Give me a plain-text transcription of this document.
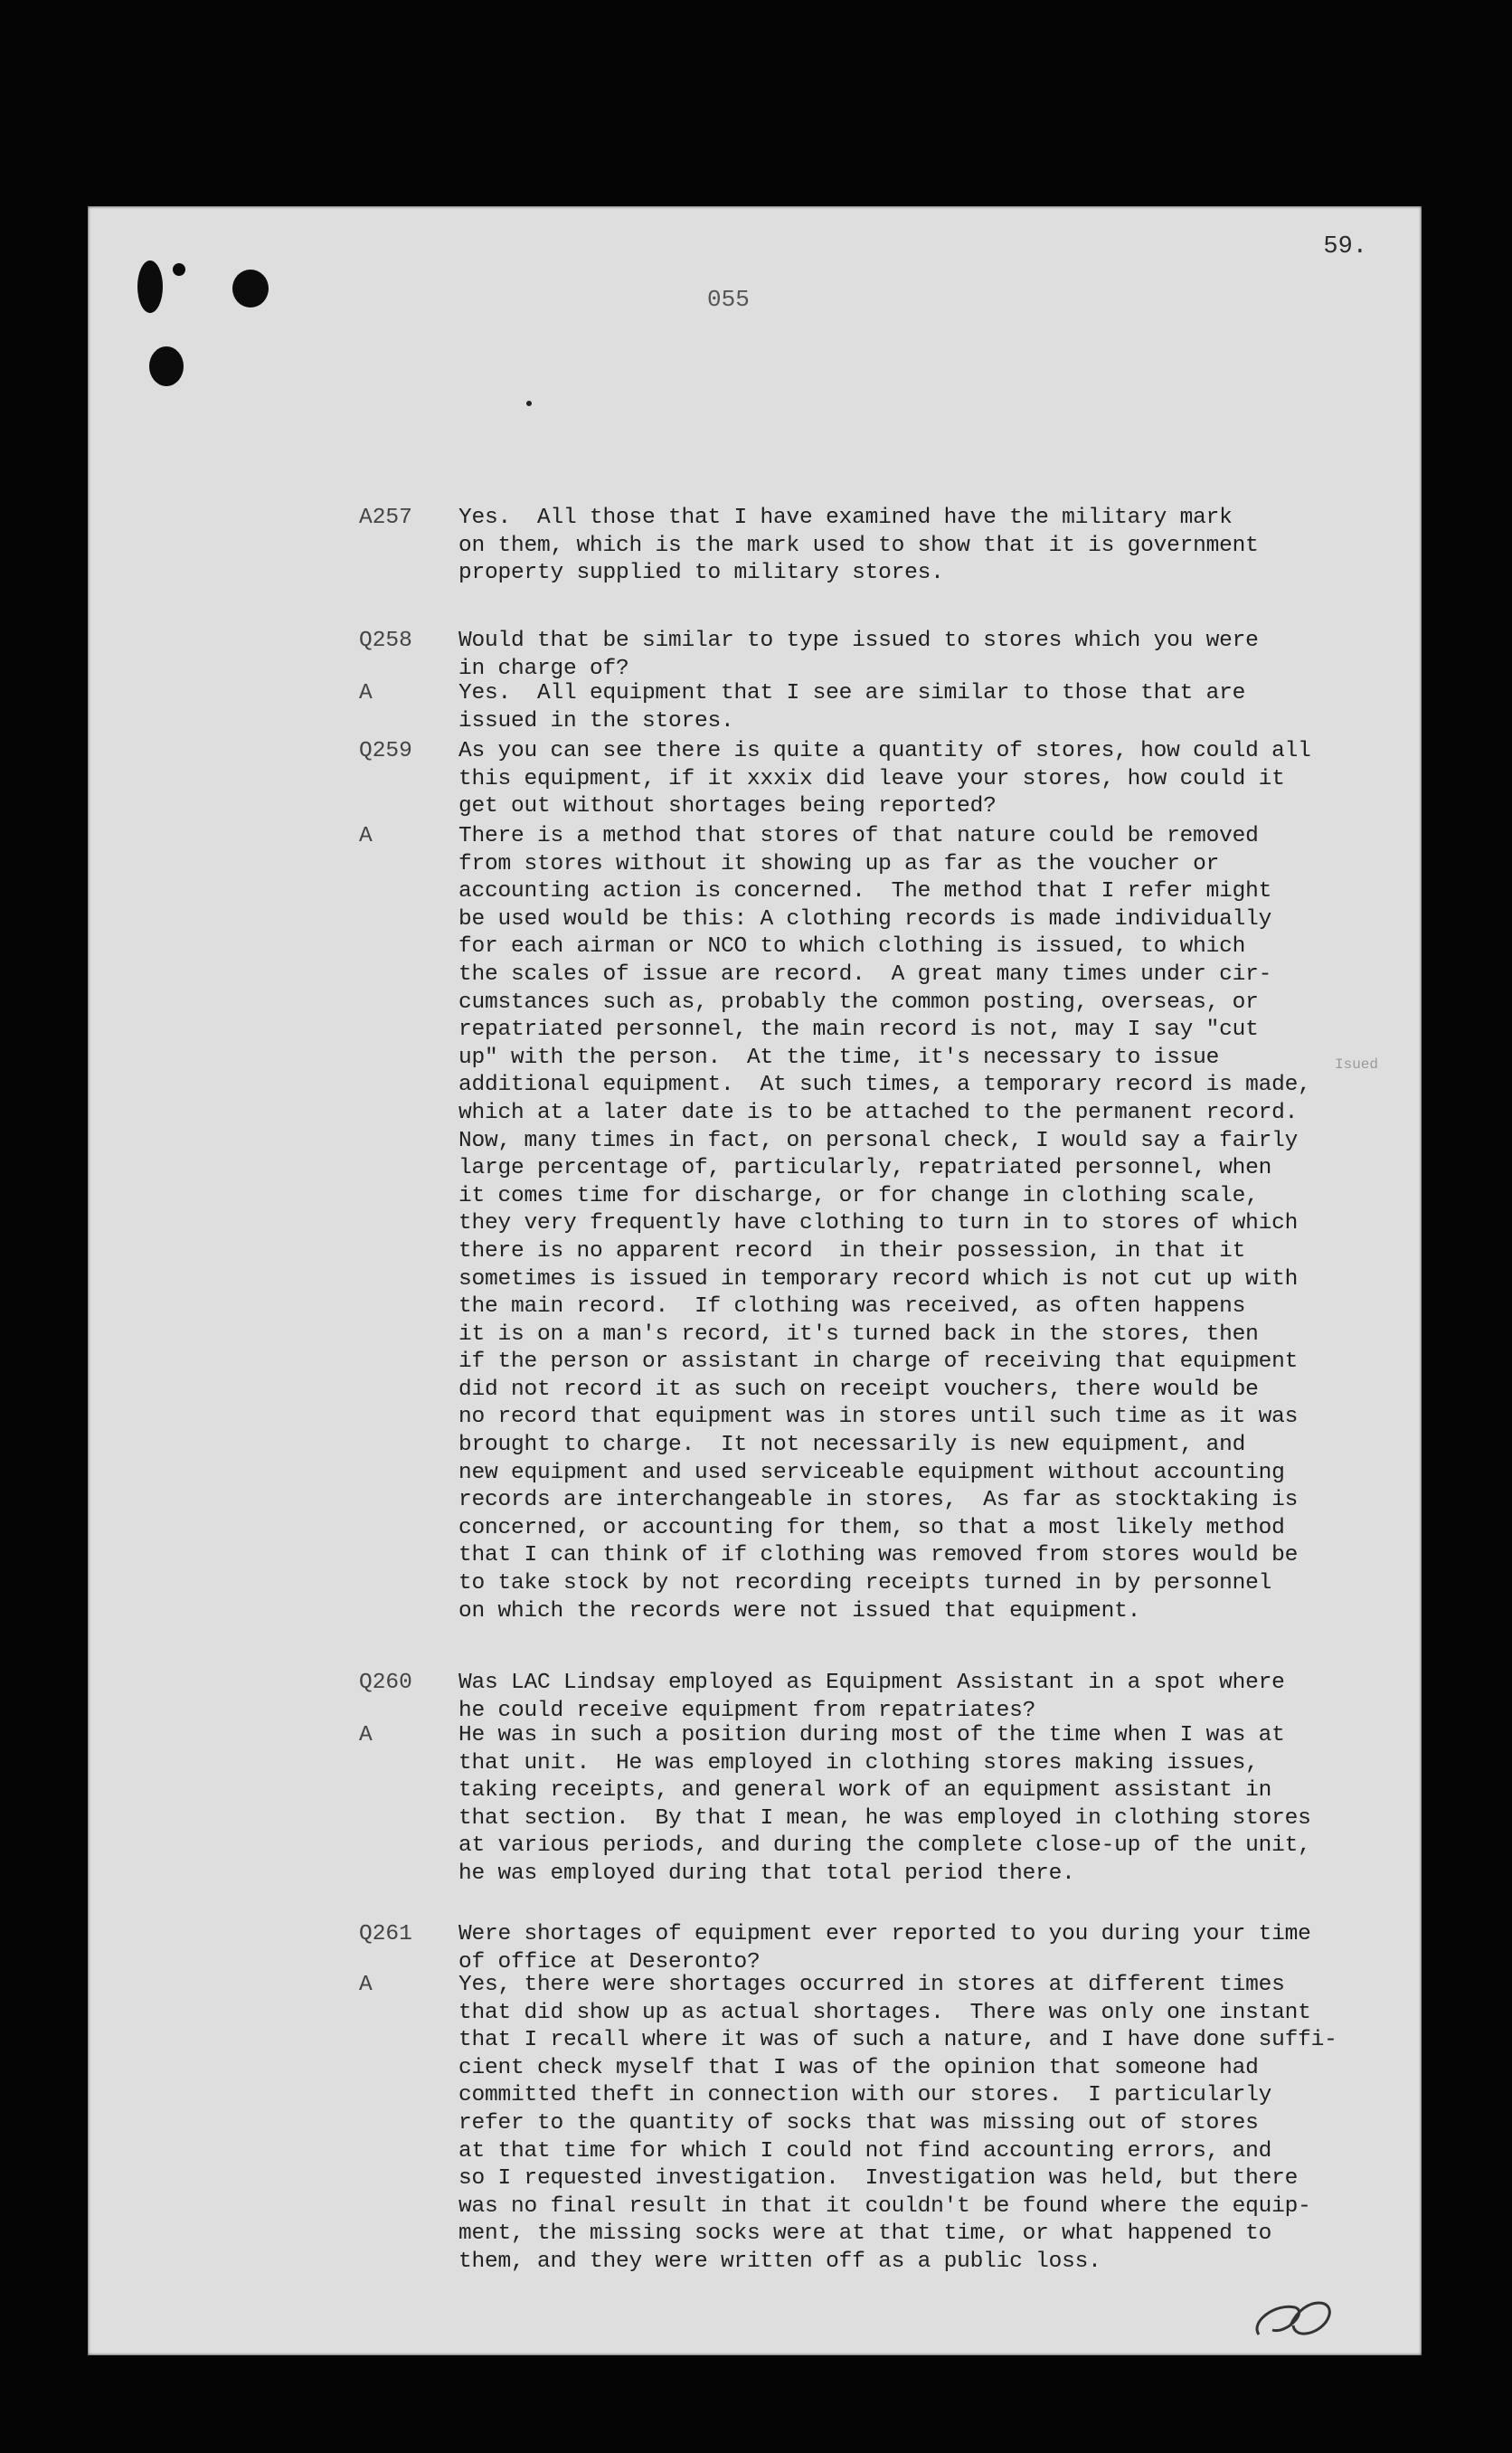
59.
055
Isued
A257	Yes.  All those that I have examined have the military mark
on them, which is the mark used to show that it is government
property supplied to military stores.
Q258	Would that be similar to type issued to stores which you were
in charge of?
A	Yes.  All equipment that I see are similar to those that are
issued in the stores.
Q259	As you can see there is quite a quantity of stores, how could all
this equipment, if it xxxix did leave your stores, how could it
get out without shortages being reported?
A	There is a method that stores of that nature could be removed
from stores without it showing up as far as the voucher or
accounting action is concerned.  The method that I refer might
be used would be this: A clothing records is made individually
for each airman or NCO to which clothing is issued, to which
the scales of issue are record.  A great many times under cir-
cumstances such as, probably the common posting, overseas, or
repatriated personnel, the main record is not, may I say "cut
up" with the person.  At the time, it's necessary to issue
additional equipment.  At such times, a temporary record is made,
which at a later date is to be attached to the permanent record.
Now, many times in fact, on personal check, I would say a fairly
large percentage of, particularly, repatriated personnel, when
it comes time for discharge, or for change in clothing scale,
they very frequently have clothing to turn in to stores of which
there is no apparent record  in their possession, in that it
sometimes is issued in temporary record which is not cut up with
the main record.  If clothing was received, as often happens
it is on a man's record, it's turned back in the stores, then
if the person or assistant in charge of receiving that equipment
did not record it as such on receipt vouchers, there would be
no record that equipment was in stores until such time as it was
brought to charge.  It not necessarily is new equipment, and
new equipment and used serviceable equipment without accounting
records are interchangeable in stores,  As far as stocktaking is
concerned, or accounting for them, so that a most likely method
that I can think of if clothing was removed from stores would be
to take stock by not recording receipts turned in by personnel
on which the records were not issued that equipment.
Q260	Was LAC Lindsay employed as Equipment Assistant in a spot where
he could receive equipment from repatriates?
A	He was in such a position during most of the time when I was at
that unit.  He was employed in clothing stores making issues,
taking receipts, and general work of an equipment assistant in
that section.  By that I mean, he was employed in clothing stores
at various periods, and during the complete close-up of the unit,
he was employed during that total period there.
Q261	Were shortages of equipment ever reported to you during your time
of office at Deseronto?
A	Yes, there were shortages occurred in stores at different times
that did show up as actual shortages.  There was only one instant
that I recall where it was of such a nature, and I have done suffi-
cient check myself that I was of the opinion that someone had
committed theft in connection with our stores.  I particularly
refer to the quantity of socks that was missing out of stores
at that time for which I could not find accounting errors, and
so I requested investigation.  Investigation was held, but there
was no final result in that it couldn't be found where the equip-
ment, the missing socks were at that time, or what happened to
them, and they were written off as a public loss.
